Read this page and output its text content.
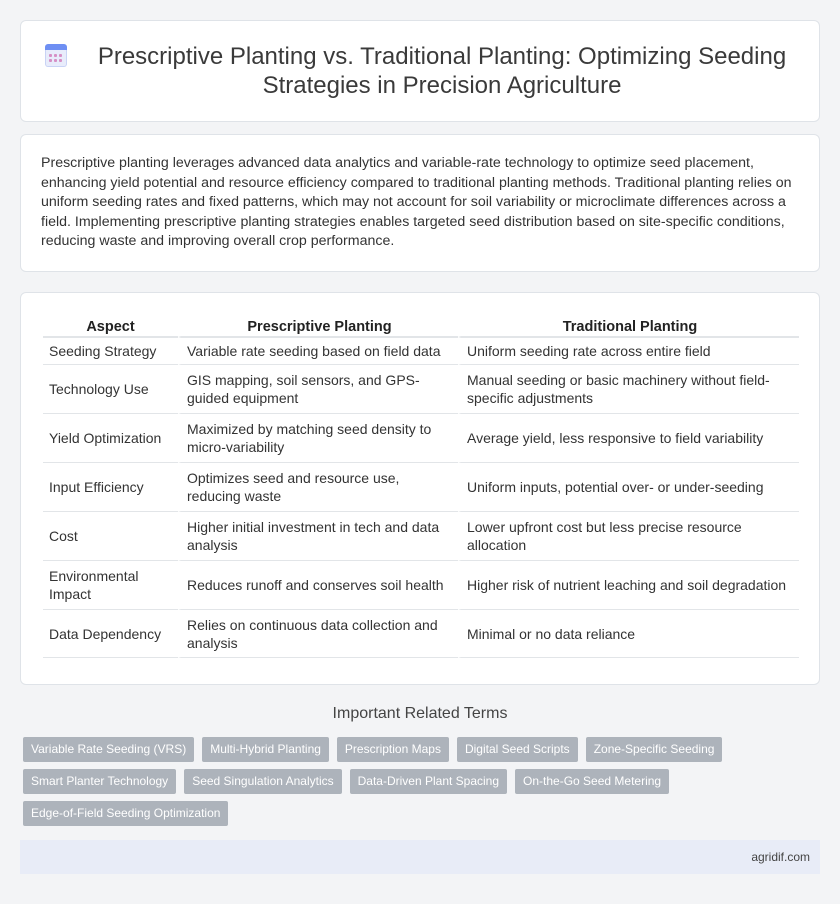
Prescriptive Planting vs. Traditional Planting: Optimizing Seeding Strategies in Precision Agriculture

Prescriptive planting leverages advanced data analytics and variable-rate technology to optimize seed placement, enhancing yield potential and resource efficiency compared to traditional planting methods. Traditional planting relies on uniform seeding rates and fixed patterns, which may not account for soil variability or microclimate differences across a field. Implementing prescriptive planting strategies enables targeted seed distribution based on site-specific conditions, reducing waste and improving overall crop performance.

Aspect	Prescriptive Planting	Traditional Planting
Seeding Strategy	Variable rate seeding based on field data	Uniform seeding rate across entire field
Technology Use	GIS mapping, soil sensors, and GPS-guided equipment	Manual seeding or basic machinery without field-specific adjustments
Yield Optimization	Maximized by matching seed density to micro-variability	Average yield, less responsive to field variability
Input Efficiency	Optimizes seed and resource use, reducing waste	Uniform inputs, potential over- or under-seeding
Cost	Higher initial investment in tech and data analysis	Lower upfront cost but less precise resource allocation
Environmental Impact	Reduces runoff and conserves soil health	Higher risk of nutrient leaching and soil degradation
Data Dependency	Relies on continuous data collection and analysis	Minimal or no data reliance
Important Related Terms
Variable Rate Seeding (VRS) Multi-Hybrid Planting Prescription Maps Digital Seed Scripts Zone-Specific Seeding
Smart Planter Technology Seed Singulation Analytics Data-Driven Plant Spacing On-the-Go Seed Metering
Edge-of-Field Seeding Optimization
agridif.com
